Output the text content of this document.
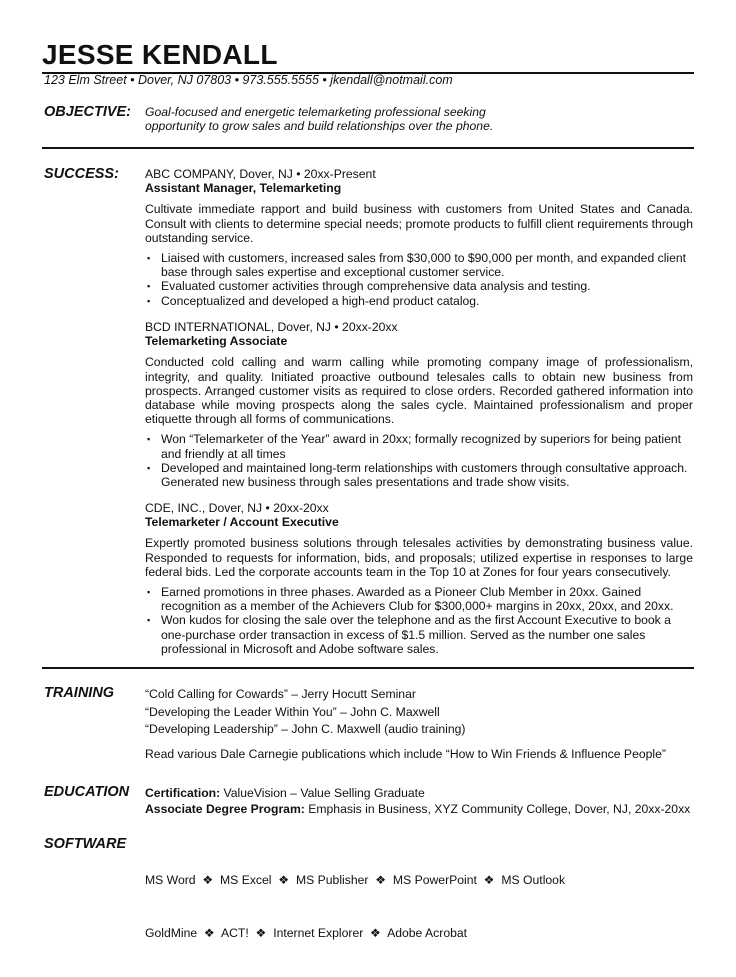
JESSE KENDALL
123 Elm Street • Dover, NJ 07803 • 973.555.5555 • jkendall@notmail.com
OBJECTIVE: Goal-focused and energetic telemarketing professional seeking
opportunity to grow sales and build relationships over the phone.
SUCCESS: ABC COMPANY, Dover, NJ • 20xx-Present
Assistant Manager, Telemarketing
Cultivate immediate rapport and build business with customers from United States and Canada. Consult with clients to determine special needs; promote products to fulfill client requirements through outstanding service.
▪ Liaised with customers, increased sales from $30,000 to $90,000 per month, and expanded client base through sales expertise and exceptional customer service.
▪ Evaluated customer activities through comprehensive data analysis and testing.
▪ Conceptualized and developed a high-end product catalog.
BCD INTERNATIONAL, Dover, NJ • 20xx-20xx
Telemarketing Associate
Conducted cold calling and warm calling while promoting company image of professionalism, integrity, and quality. Initiated proactive outbound telesales calls to obtain new business from prospects. Arranged customer visits as required to close orders. Recorded gathered information into database while moving prospects along the sales cycle. Maintained professionalism and proper etiquette through all forms of communications.
▪ Won “Telemarketer of the Year” award in 20xx; formally recognized by superiors for being patient and friendly at all times
▪ Developed and maintained long-term relationships with customers through consultative approach. Generated new business through sales presentations and trade show visits.
CDE, INC., Dover, NJ • 20xx-20xx
Telemarketer / Account Executive
Expertly promoted business solutions through telesales activities by demonstrating business value. Responded to requests for information, bids, and proposals; utilized expertise in responses to large federal bids. Led the corporate accounts team in the Top 10 at Zones for four years consecutively.
▪ Earned promotions in three phases. Awarded as a Pioneer Club Member in 20xx. Gained recognition as a member of the Achievers Club for $300,000+ margins in 20xx, 20xx, and 20xx.
▪ Won kudos for closing the sale over the telephone and as the first Account Executive to book a one-purchase order transaction in excess of $1.5 million. Served as the number one sales professional in Microsoft and Adobe software sales.
TRAINING	“Cold Calling for Cowards” – Jerry Hocutt Seminar
“Developing the Leader Within You” – John C. Maxwell
“Developing Leadership” – John C. Maxwell (audio training)
Read various Dale Carnegie publications which include “How to Win Friends & Influence People”
EDUCATION Certification: ValueVision – Value Selling Graduate
Associate Degree Program: Emphasis in Business, XYZ Community College, Dover, NJ, 20xx-20xx
SOFTWARE

MS Word  ❖  MS Excel  ❖  MS Publisher  ❖  MS PowerPoint  ❖  MS Outlook

GoldMine  ❖  ACT!  ❖  Internet Explorer  ❖  Adobe Acrobat
